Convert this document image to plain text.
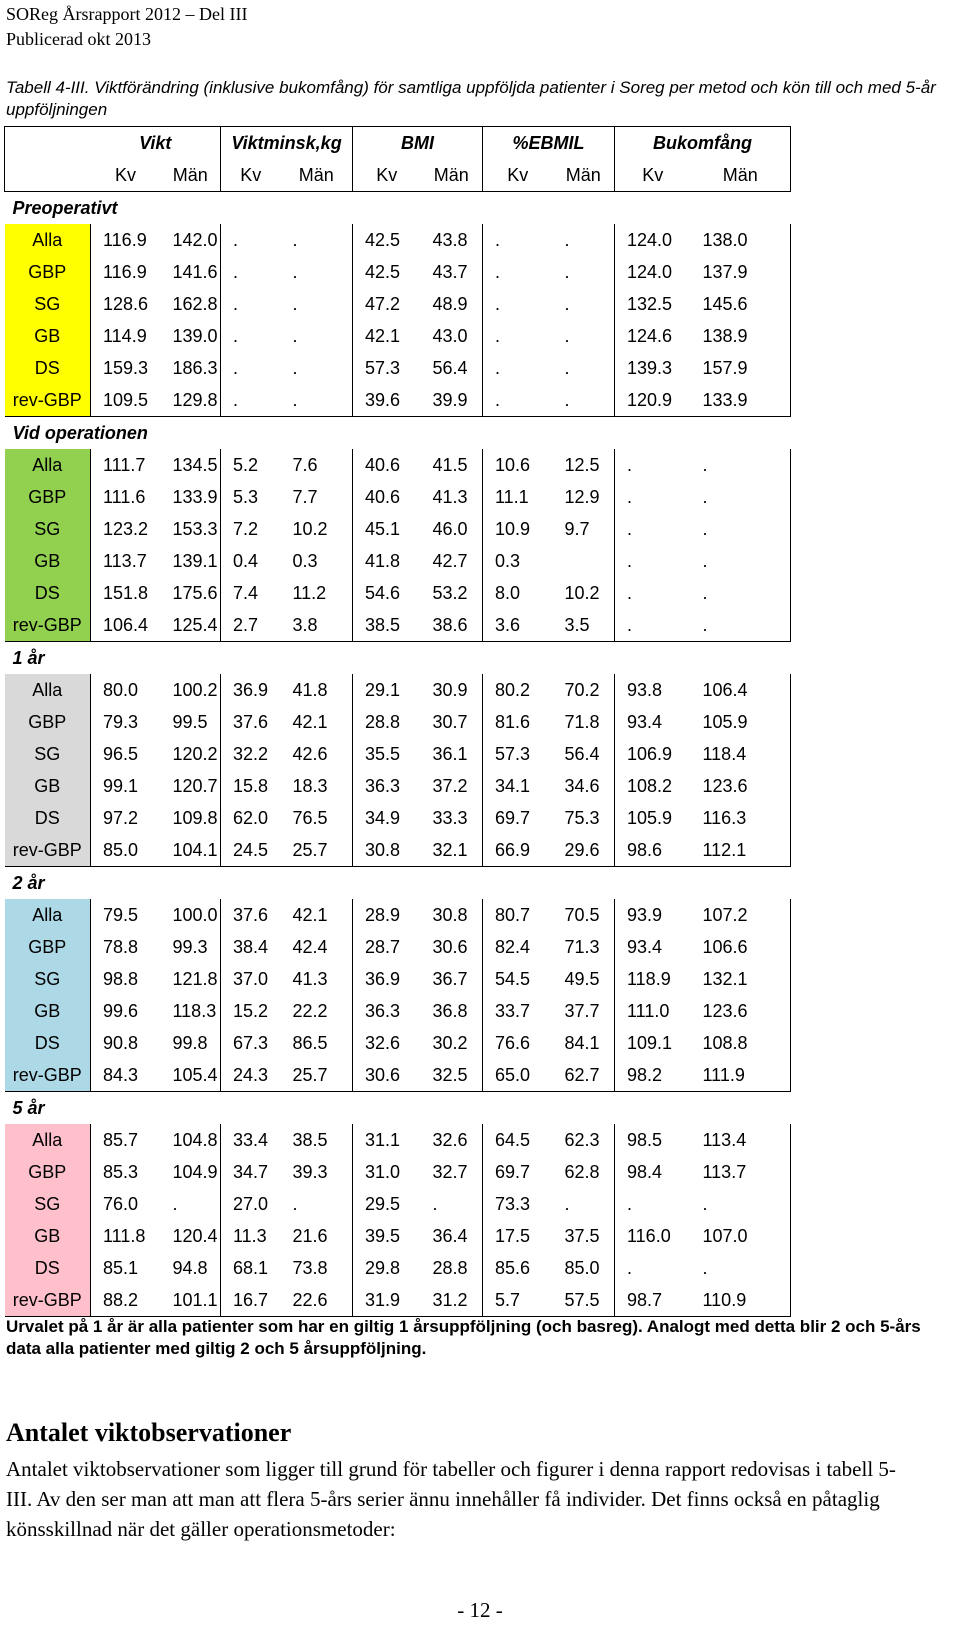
SOReg Årsrapport 2012 – Del III
Publicerad okt 2013
Tabell 4-III. Viktförändring (inklusive bukomfång) för samtliga uppföljda patienter i Soreg per metod och kön till och med 5-år uppföljningen
	Vikt		Viktminsk,kg		BMI		%EBMIL		Bukomfång	
	Kv	Män	Kv	Män	Kv	Män	Kv	Män	Kv	Män
Preoperativt										
Alla	116.9	142.0	.	.	42.5	43.8	.	.	124.0	138.0
GBP	116.9	141.6	.	.	42.5	43.7	.	.	124.0	137.9
SG	128.6	162.8	.	.	47.2	48.9	.	.	132.5	145.6
GB	114.9	139.0	.	.	42.1	43.0	.	.	124.6	138.9
DS	159.3	186.3	.	.	57.3	56.4	.	.	139.3	157.9
rev-GBP	109.5	129.8	.	.	39.6	39.9	.	.	120.9	133.9
Vid operationen										
Alla	111.7	134.5	5.2	7.6	40.6	41.5	10.6	12.5	.	.
GBP	111.6	133.9	5.3	7.7	40.6	41.3	11.1	12.9	.	.
SG	123.2	153.3	7.2	10.2	45.1	46.0	10.9	9.7	.	.
GB	113.7	139.1	0.4	0.3	41.8	42.7	0.3		.	.
DS	151.8	175.6	7.4	11.2	54.6	53.2	8.0	10.2	.	.
rev-GBP	106.4	125.4	2.7	3.8	38.5	38.6	3.6	3.5	.	.
1 år										
Alla	80.0	100.2	36.9	41.8	29.1	30.9	80.2	70.2	93.8	106.4
GBP	79.3	99.5	37.6	42.1	28.8	30.7	81.6	71.8	93.4	105.9
SG	96.5	120.2	32.2	42.6	35.5	36.1	57.3	56.4	106.9	118.4
GB	99.1	120.7	15.8	18.3	36.3	37.2	34.1	34.6	108.2	123.6
DS	97.2	109.8	62.0	76.5	34.9	33.3	69.7	75.3	105.9	116.3
rev-GBP	85.0	104.1	24.5	25.7	30.8	32.1	66.9	29.6	98.6	112.1
2 år										
Alla	79.5	100.0	37.6	42.1	28.9	30.8	80.7	70.5	93.9	107.2
GBP	78.8	99.3	38.4	42.4	28.7	30.6	82.4	71.3	93.4	106.6
SG	98.8	121.8	37.0	41.3	36.9	36.7	54.5	49.5	118.9	132.1
GB	99.6	118.3	15.2	22.2	36.3	36.8	33.7	37.7	111.0	123.6
DS	90.8	99.8	67.3	86.5	32.6	30.2	76.6	84.1	109.1	108.8
rev-GBP	84.3	105.4	24.3	25.7	30.6	32.5	65.0	62.7	98.2	111.9
5 år										
Alla	85.7	104.8	33.4	38.5	31.1	32.6	64.5	62.3	98.5	113.4
GBP	85.3	104.9	34.7	39.3	31.0	32.7	69.7	62.8	98.4	113.7
SG	76.0	.	27.0	.	29.5	.	73.3	.	.	.
GB	111.8	120.4	11.3	21.6	39.5	36.4	17.5	37.5	116.0	107.0
DS	85.1	94.8	68.1	73.8	29.8	28.8	85.6	85.0	.	.
rev-GBP	88.2	101.1	16.7	22.6	31.9	31.2	5.7	57.5	98.7	110.9
Urvalet på 1 år är alla patienter som har en giltig 1 årsuppföljning (och basreg). Analogt med detta blir 2 och 5-års data alla patienter med giltig 2 och 5 årsuppföljning.
Antalet viktobservationer
Antalet viktobservationer som ligger till grund för tabeller och figurer i denna rapport redovisas i tabell 5-III. Av den ser man att man att flera 5-års serier ännu innehåller få individer. Det finns också en påtaglig könsskillnad när det gäller operationsmetoder:
- 12 -
